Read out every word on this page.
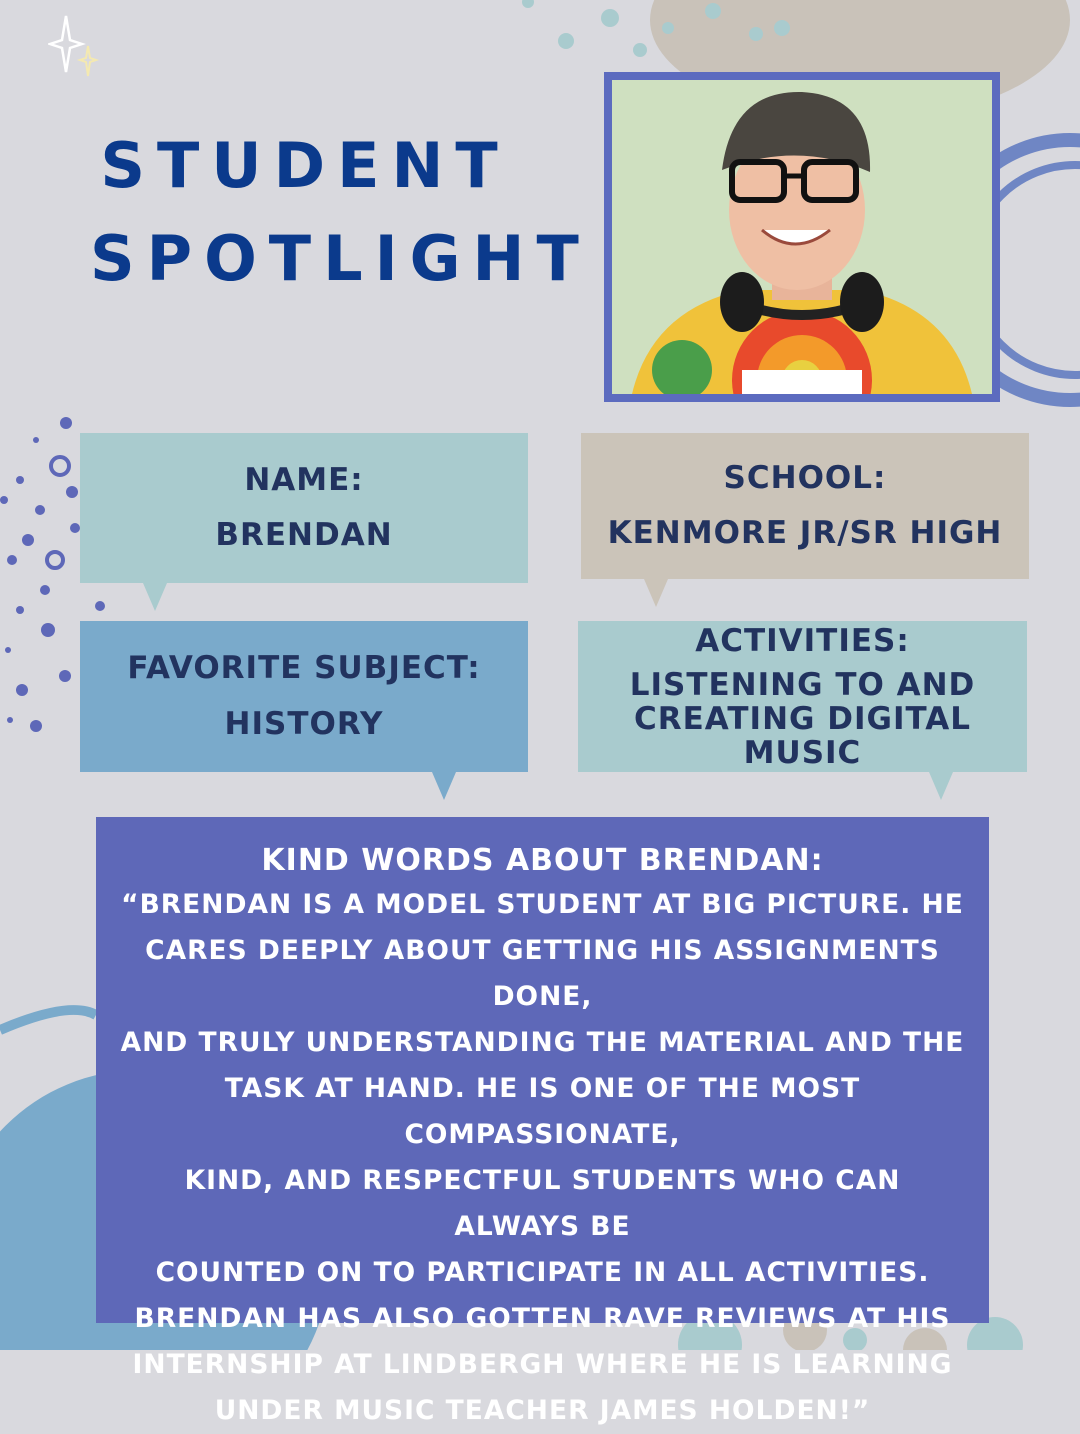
STUDENT
SPOTLIGHT
NAME:
BRENDAN
SCHOOL:
KENMORE JR/SR HIGH
FAVORITE SUBJECT:
HISTORY
ACTIVITIES:
LISTENING TO AND
CREATING DIGITAL MUSIC
KIND WORDS ABOUT BRENDAN:
“BRENDAN IS A MODEL STUDENT AT BIG PICTURE. HE
CARES DEEPLY ABOUT GETTING HIS ASSIGNMENTS DONE,
AND TRULY UNDERSTANDING THE MATERIAL AND THE
TASK AT HAND. HE IS ONE OF THE MOST COMPASSIONATE,
KIND, AND RESPECTFUL STUDENTS WHO CAN ALWAYS BE
COUNTED ON TO PARTICIPATE IN ALL ACTIVITIES.
BRENDAN HAS ALSO GOTTEN RAVE REVIEWS AT HIS
INTERNSHIP AT LINDBERGH WHERE HE IS LEARNING
UNDER MUSIC TEACHER JAMES HOLDEN!”
